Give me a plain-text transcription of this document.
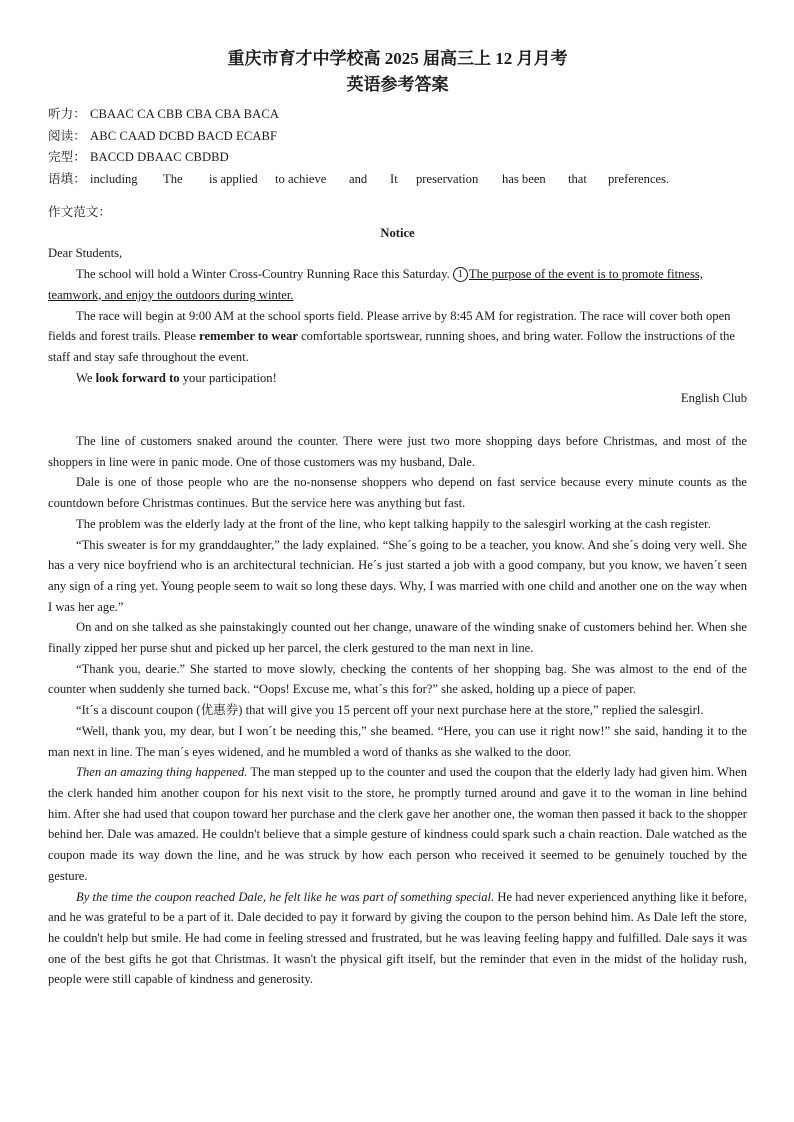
重庆市育才中学校高 2025 届高三上 12 月月考
英语参考答案
听力： CBAAC CA CBB CBA CBA BACA
阅读： ABC CAAD DCBD BACD ECABF
完型： BACCD DBAAC CBDBD
语填： including	The	is applied	to achieve	and	It	preservation	has been	that preferences.

作文范文：

Notice

Dear Students,

The school will hold a Winter Cross-Country Running Race this Saturday. 1 The purpose of the event is to promote fitness, teamwork, and enjoy the outdoors during winter.

The race will begin at 9:00 AM at the school sports field. Please arrive by 8:45 AM for registration. The race will cover both open fields and forest trails. Please remember to wear comfortable sportswear, running shoes, and bring water. Follow the instructions of the staff and stay safe throughout the event.

We look forward to your participation!

English Club

The line of customers snaked around the counter. There were just two more shopping days before Christmas, and most of the shoppers in line were in panic mode. One of those customers was my husband, Dale.

Dale is one of those people who are the no-nonsense shoppers who depend on fast service because every minute counts as the countdown before Christmas continues. But the service here was anything but fast.

The problem was the elderly lady at the front of the line, who kept talking happily to the salesgirl working at the cash register.

“This sweater is for my granddaughter,” the lady explained. “She´s going to be a teacher, you know. And she´s doing very well. She has a very nice boyfriend who is an architectural technician. He´s just started a job with a good company, but you know, we haven´t seen any sign of a ring yet. Young people seem to wait so long these days. Why, I was married with one child and another one on the way when I was her age.”

On and on she talked as she painstakingly counted out her change, unaware of the winding snake of customers behind her. When she finally zipped her purse shut and picked up her parcel, the clerk gestured to the man next in line.

“Thank you, dearie.” She started to move slowly, checking the contents of her shopping bag. She was almost to the end of the counter when suddenly she turned back. “Oops! Excuse me, what´s this for?” she asked, holding up a piece of paper.

“It´s a discount coupon (优惠券) that will give you 15 percent off your next purchase here at the store,” replied the salesgirl.

“Well, thank you, my dear, but I won´t be needing this,” she beamed. “Here, you can use it right now!” she said, handing it to the man next in line. The man´s eyes widened, and he mumbled a word of thanks as she walked to the door.

Then an amazing thing happened. The man stepped up to the counter and used the coupon that the elderly lady had given him. When the clerk handed him another coupon for his next visit to the store, he promptly turned around and gave it to the woman in line behind him. After she had used that coupon toward her purchase and the clerk gave her another one, the woman then passed it back to the shopper behind her. Dale was amazed. He couldn't believe that a simple gesture of kindness could spark such a chain reaction. Dale watched as the coupon made its way down the line, and he was struck by how each person who received it seemed to be genuinely touched by the gesture.

By the time the coupon reached Dale, he felt like he was part of something special. He had never experienced anything like it before, and he was grateful to be a part of it. Dale decided to pay it forward by giving the coupon to the person behind him. As Dale left the store, he couldn't help but smile. He had come in feeling stressed and frustrated, but he was leaving feeling happy and fulfilled. Dale says it was one of the best gifts he got that Christmas. It wasn't the physical gift itself, but the reminder that even in the midst of the holiday rush, people were still capable of kindness and generosity.
